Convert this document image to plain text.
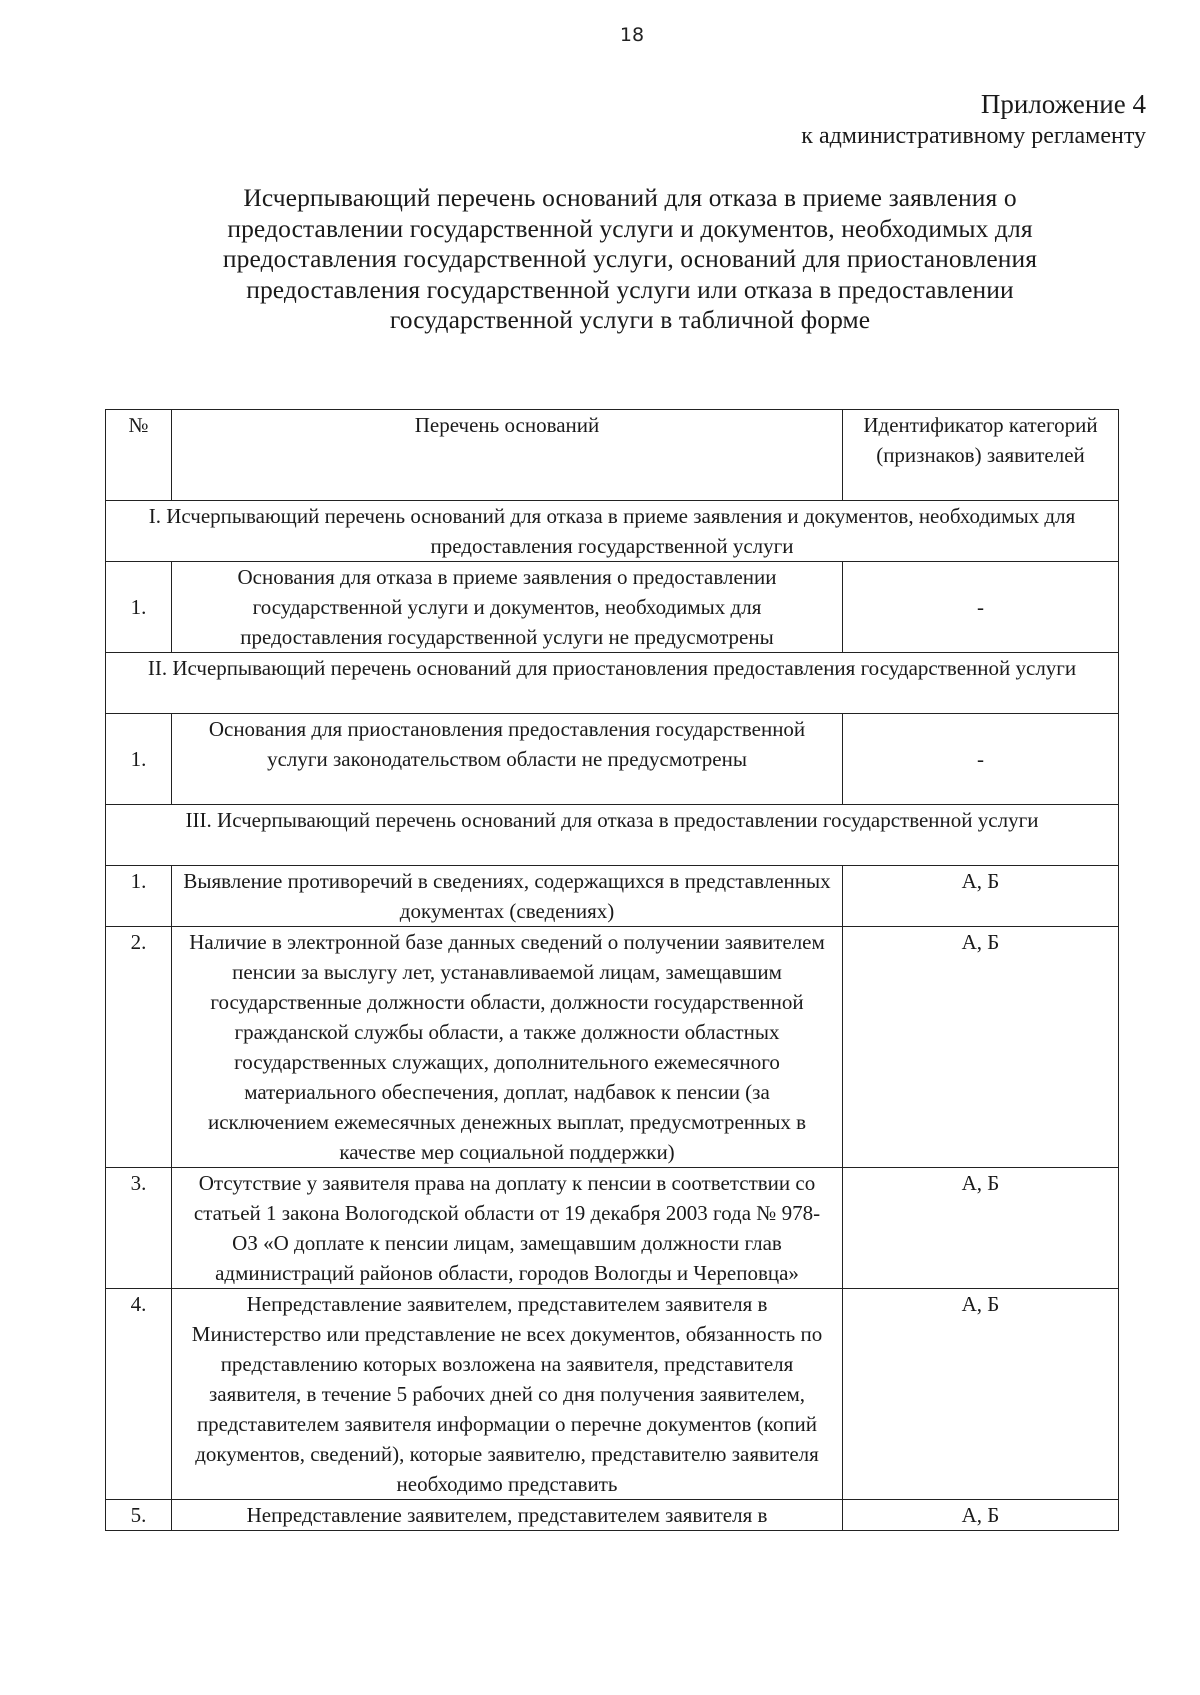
18
Приложение 4
к административному регламенту
Исчерпывающий перечень оснований для отказа в приеме заявления о
предоставлении государственной услуги и документов, необходимых для
предоставления государственной услуги, оснований для приостановления
предоставления государственной услуги или отказа в предоставлении
государственной услуги в табличной форме
№	Перечень оснований	Идентификатор категорий (признаков) заявителей
I. Исчерпывающий перечень оснований для отказа в приеме заявления и документов, необходимых для предоставления государственной услуги		
1.	Основания для отказа в приеме заявления о предоставлении государственной услуги и документов, необходимых для предоставления государственной услуги не предусмотрены	-
II. Исчерпывающий перечень оснований для приостановления предоставления государственной услуги		
1.	Основания для приостановления предоставления государственной услуги законодательством области не предусмотрены	-
III. Исчерпывающий перечень оснований для отказа в предоставлении государственной услуги		
1.	Выявление противоречий в сведениях, содержащихся в представленных документах (сведениях)	А, Б
2.	Наличие в электронной базе данных сведений о получении заявителем пенсии за выслугу лет, устанавливаемой лицам, замещавшим государственные должности области, должности государственной гражданской службы области, а также должности областных государственных служащих, дополнительного ежемесячного материального обеспечения, доплат, надбавок к пенсии (за исключением ежемесячных денежных выплат, предусмотренных в качестве мер социальной поддержки)	А, Б
3.	Отсутствие у заявителя права на доплату к пенсии в соответствии со статьей 1 закона Вологодской области от 19 декабря 2003 года № 978-ОЗ «О доплате к пенсии лицам, замещавшим должности глав администраций районов области, городов Вологды и Череповца»	А, Б
4.	Непредставление заявителем, представителем заявителя в Министерство или представление не всех документов, обязанность по представлению которых возложена на заявителя, представителя заявителя, в течение 5 рабочих дней со дня получения заявителем, представителем заявителя информации о перечне документов (копий документов, сведений), которые заявителю, представителю заявителя необходимо представить	А, Б
5.	Непредставление заявителем, представителем заявителя в	А, Б
